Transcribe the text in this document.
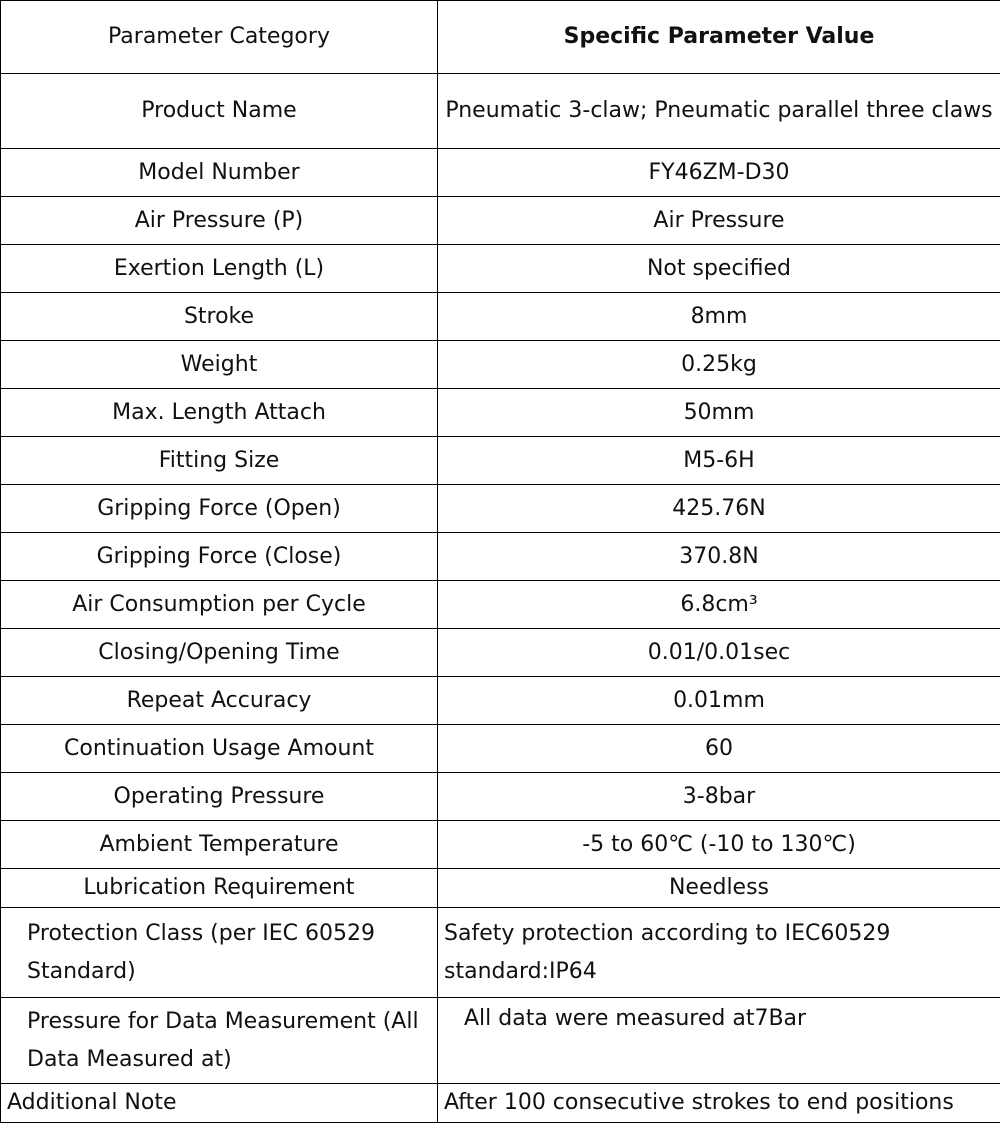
Parameter Category	Specific Parameter Value
Product Name	Pneumatic 3-claw; Pneumatic parallel three claws
Model Number	FY46ZM-D30
Air Pressure (P)	Air Pressure
Exertion Length (L)	Not specified
Stroke	8mm
Weight	0.25kg
Max. Length Attach	50mm
Fitting Size	M5-6H
Gripping Force (Open)	425.76N
Gripping Force (Close)	370.8N
Air Consumption per Cycle	6.8cm³
Closing/Opening Time	0.01/0.01sec
Repeat Accuracy	0.01mm
Continuation Usage Amount	60
Operating Pressure	3-8bar
Ambient Temperature	-5 to 60℃ (-10 to 130℃)
Lubrication Requirement	Needless
Protection Class (per IEC 60529 Standard)	Safety protection according to IEC60529 standard:IP64
Pressure for Data Measurement (All Data Measured at)	All data were measured at7Bar
Additional Note	After 100 consecutive strokes to end positions
